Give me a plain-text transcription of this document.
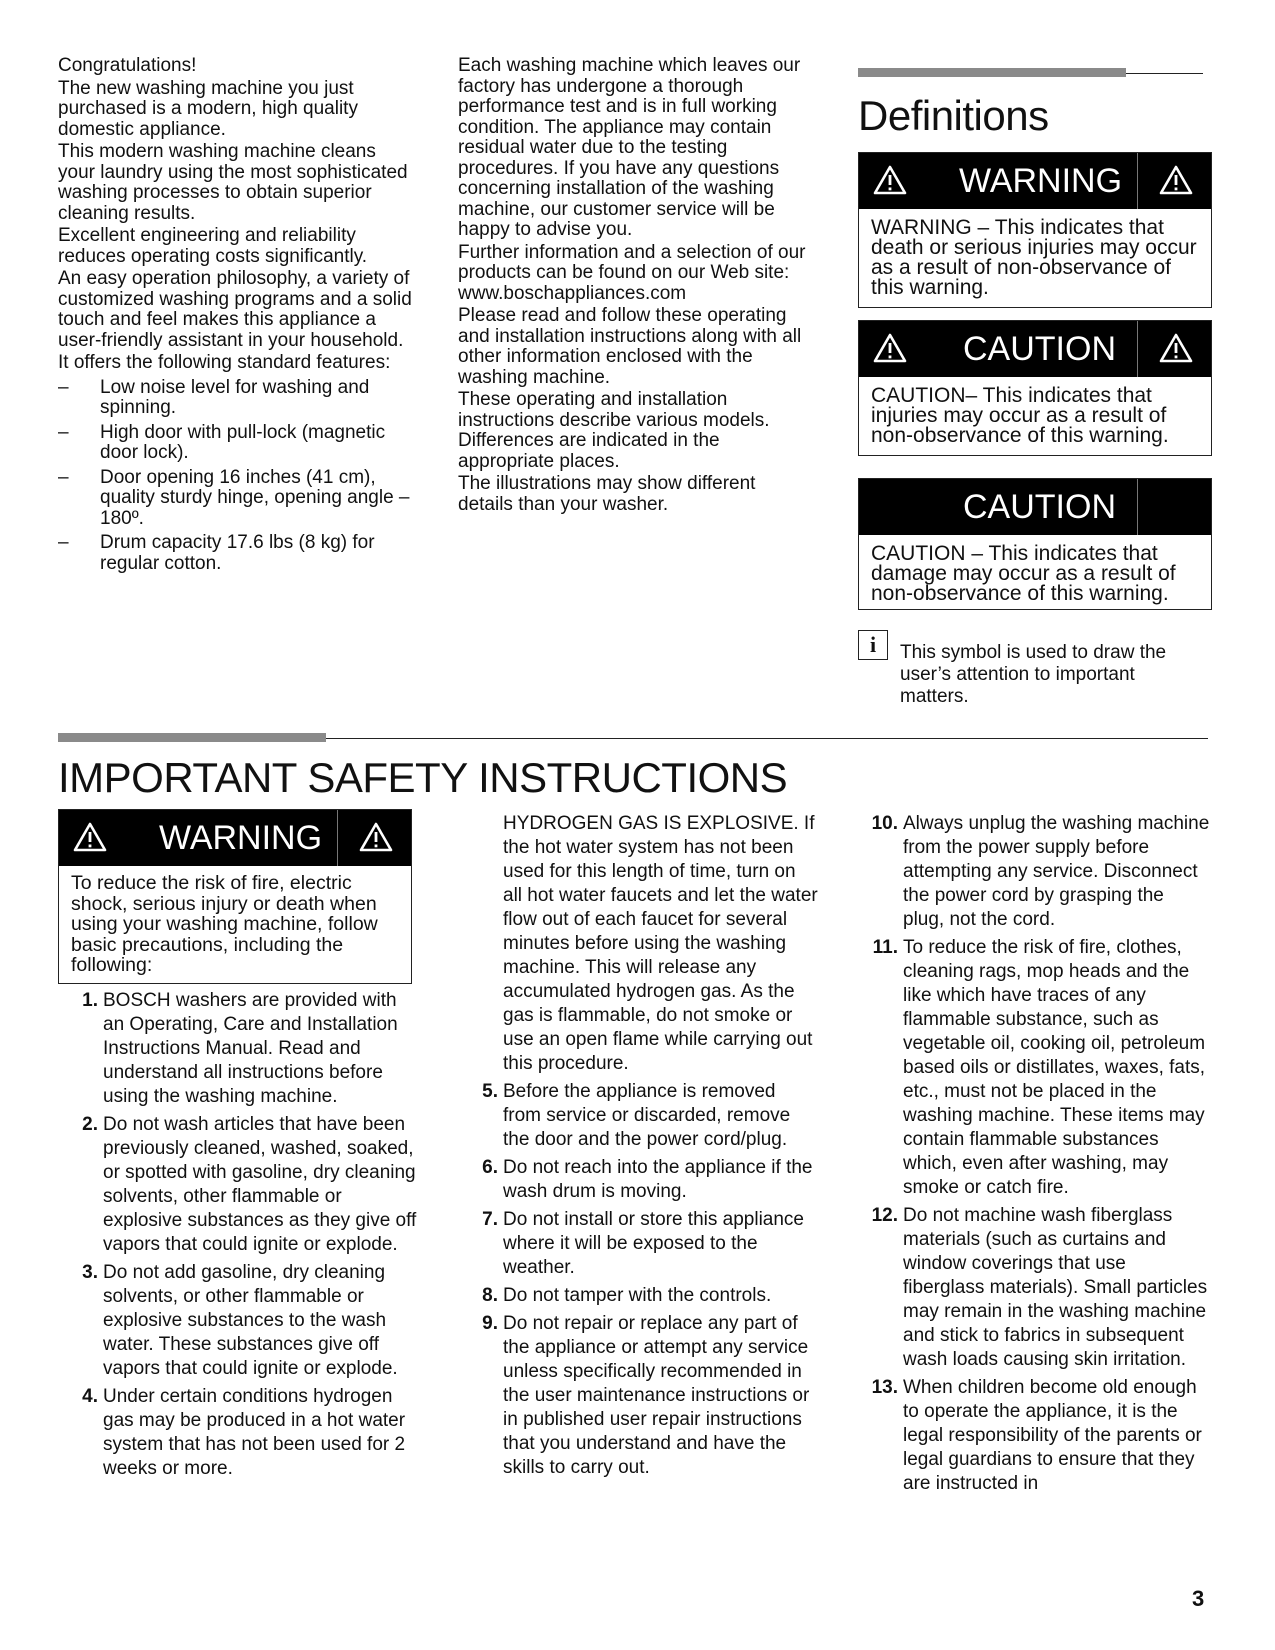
Congratulations!

The new washing machine you just purchased is a modern, high quality domestic appliance.

This modern washing machine cleans your laundry using the most sophisticated washing processes to obtain superior cleaning results.

Excellent engineering and reliability reduces operating costs significantly.

An easy operation philosophy, a variety of customized washing programs and a solid touch and feel makes this appliance a user-friendly assistant in your household.

It offers the following standard features:

–	Low noise level for washing and spinning.
–	High door with pull-lock (magnetic door lock).
–	Door opening 16 inches (41 cm), quality sturdy hinge, opening angle –180º.
–	Drum capacity 17.6 lbs (8 kg) for regular cotton.

Each washing machine which leaves our factory has undergone a thorough performance test and is in full working condition. The appliance may contain residual water due to the testing procedures. If you have any questions concerning installation of the washing machine, our customer service will be happy to advise you.

Further information and a selection of our products can be found on our Web site: www.boschappliances.com

Please read and follow these operating and installation instructions along with all other information enclosed with the washing machine.

These operating and installation instructions describe various models. Differences are indicated in the appropriate places.

The illustrations may show different details than your washer.

Definitions
WARNING
WARNING – This indicates that death or serious injuries may occur as a result of non-observance of this warning.
CAUTION
CAUTION– This indicates that injuries may occur as a result of non-observance of this warning.
CAUTION
CAUTION – This indicates that damage may occur as a result of non-observance of this warning.
i	This symbol is used to draw the user’s attention to important matters.
IMPORTANT SAFETY INSTRUCTIONS
WARNING
To reduce the risk of fire, electric shock, serious injury or death when using your washing machine, follow basic precautions, including the following:
1. BOSCH washers are provided with an Operating, Care and Installation Instructions Manual. Read and understand all instructions before using the washing machine.
2. Do not wash articles that have been previously cleaned, washed, soaked, or spotted with gasoline, dry cleaning solvents, other flammable or explosive substances as they give off vapors that could ignite or explode.
3. Do not add gasoline, dry cleaning solvents, or other flammable or explosive substances to the wash water. These substances give off vapors that could ignite or explode.
4. Under certain conditions hydrogen gas may be produced in a hot water system that has not been used for 2 weeks or more.
HYDROGEN GAS IS EXPLOSIVE. If the hot water system has not been used for this length of time, turn on all hot water faucets and let the water flow out of each faucet for several minutes before using the washing machine. This will release any accumulated hydrogen gas. As the gas is flammable, do not smoke or use an open flame while carrying out this procedure.
5. Before the appliance is removed from service or discarded, remove the door and the power cord/plug.
6. Do not reach into the appliance if the wash drum is moving.
7. Do not install or store this appliance where it will be exposed to the weather.
8. Do not tamper with the controls.
9. Do not repair or replace any part of the appliance or attempt any service unless specifically recommended in the user maintenance instructions or in published user repair instructions that you understand and have the skills to carry out.
10. Always unplug the washing machine from the power supply before attempting any service. Disconnect the power cord by grasping the plug, not the cord.
11. To reduce the risk of fire, clothes, cleaning rags, mop heads and the like which have traces of any flammable substance, such as vegetable oil, cooking oil, petroleum based oils or distillates, waxes, fats, etc., must not be placed in the washing machine. These items may contain flammable substances which, even after washing, may smoke or catch fire.
12. Do not machine wash fiberglass materials (such as curtains and window coverings that use fiberglass materials). Small particles may remain in the washing machine and stick to fabrics in subsequent wash loads causing skin irritation.
13. When children become old enough to operate the appliance, it is the legal responsibility of the parents or legal guardians to ensure that they are instructed in
3
